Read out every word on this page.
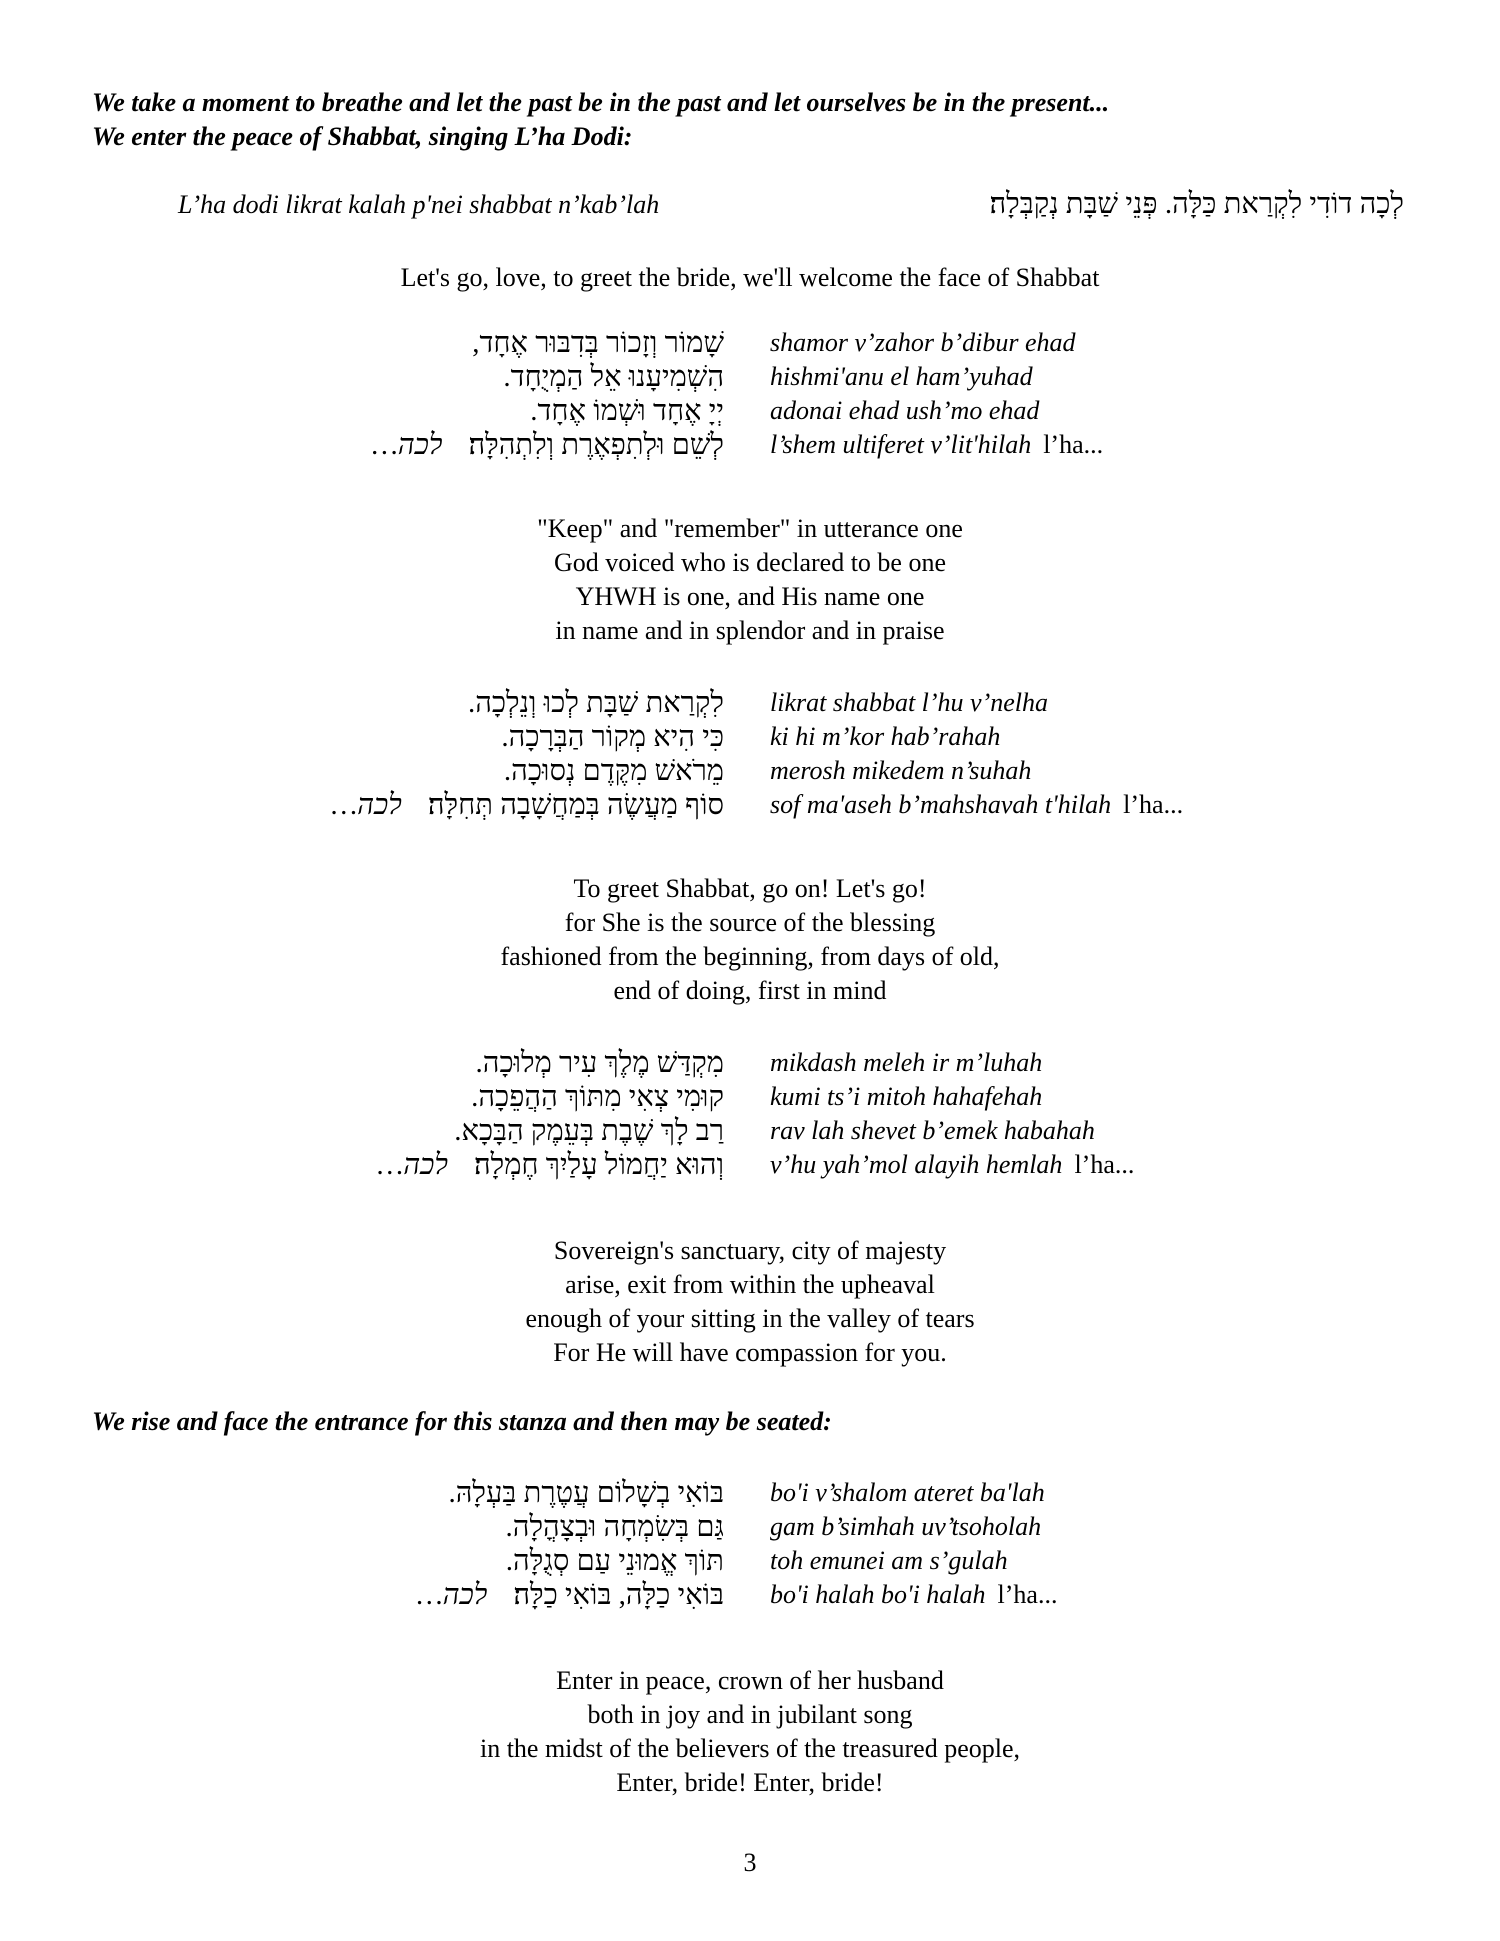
We take a moment to breathe and let the past be in the past and let ourselves be in the present...
We enter the peace of Shabbat, singing L’ha Dodi:
L’ha dodi likrat kalah p'nei shabbat n’kab’lah	לְכָה דוֹדִי לִקְרַאת כַּלָּה. פְּנֵי שַׁבָּת נְקַבְּלָה׃
Let's go, love, to greet the bride, we'll welcome the face of Shabbat
שָׁמוֹר וְזָכוֹר בְּדִבּוּר אֶחָד,
הִשְׁמִיעָנוּ אֵל הַמְיֻחָד.
יְיָ אֶחָד וּשְׁמוֹ אֶחָד.
לְשֵׁם וּלְתִפְאֶרֶת וְלִתְהִלָּה׃לכה…
shamor v’zahor b’dibur ehad
hishmi'anu el ham’yuhad
adonai ehad ush’mo ehad
l’shem ultiferet v’lit'hilah l’ha...
"Keep" and "remember" in utterance one
God voiced who is declared to be one
YHWH is one, and His name one
in name and in splendor and in praise
לִקְרַאת שַׁבָּת לְכוּ וְנֵלְכָה.
כִּי הִיא מְקוֹר הַבְּרָכָה.
מֵרֹאשׁ מִקֶּדֶם נְסוּכָה.
סוֹף מַעֲשֶׂה בְּמַחֲשָׁבָה תְּחִלָּה׃לכה…
likrat shabbat l’hu v’nelha
ki hi m’kor hab’rahah
merosh mikedem n’suhah
sof ma'aseh b’mahshavah t'hilah l’ha...
To greet Shabbat, go on! Let's go!
for She is the source of the blessing
fashioned from the beginning, from days of old,
end of doing, first in mind
מִקְדַּשׁ מֶלֶךְ עִיר מְלוּכָה.
קוּמִי צְאִי מִתּוֹךְ הַהֲפֵכָה.
רַב לָךְ שֶׁבֶת בְּעֵמֶק הַבָּכָא.
וְהוּא יַחֲמוֹל עָלַיִךְ חֶמְלָה׃לכה…
mikdash meleh ir m’luhah
kumi ts’i mitoh hahafehah
rav lah shevet b’emek habahah
v’hu yah’mol alayih hemlah l’ha...
Sovereign's sanctuary, city of majesty
arise, exit from within the upheaval
enough of your sitting in the valley of tears
For He will have compassion for you.
We rise and face the entrance for this stanza and then may be seated:
בּוֹאִי בְשָׁלוֹם עֲטֶרֶת בַּעְלָהּ.
גַּם בְּשִׂמְחָה וּבְצָהֳלָה.
תּוֹךְ אֱמוּנֵי עַם סְגֻלָּה.
בּוֹאִי כַלָּה, בּוֹאִי כַלָּה׃לכה…
bo'i v’shalom ateret ba'lah
gam b’simhah uv’tsoholah
toh emunei am s’gulah
bo'i halah bo'i halah l’ha...
Enter in peace, crown of her husband
both in joy and in jubilant song
in the midst of the believers of the treasured people,
Enter, bride! Enter, bride!
3
